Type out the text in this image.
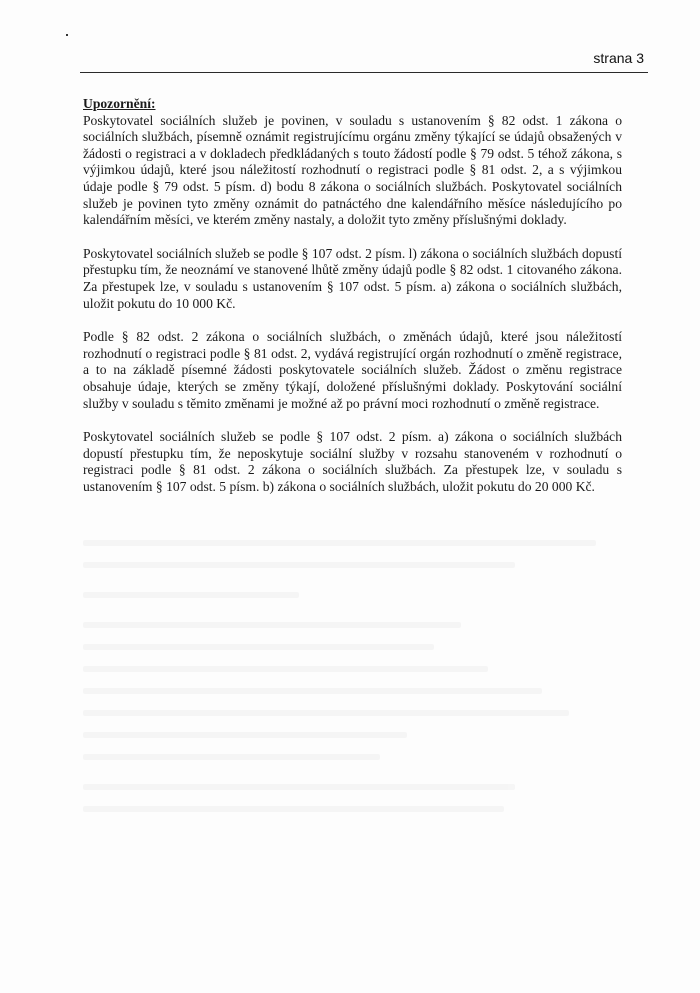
strana 3

Upozornění:

Poskytovatel sociálních služeb je povinen, v souladu s ustanovením § 82 odst. 1 zákona o sociálních službách, písemně oznámit registrujícímu orgánu změny týkající se údajů obsažených v žádosti o registraci a v dokladech předkládaných s touto žádostí podle § 79 odst. 5 téhož zákona, s výjimkou údajů, které jsou náležitostí rozhodnutí o registraci podle § 81 odst. 2, a s výjimkou údaje podle § 79 odst. 5 písm. d) bodu 8 zákona o sociálních službách. Poskytovatel sociálních služeb je povinen tyto změny oznámit do patnáctého dne kalendářního měsíce následujícího po kalendářním měsíci, ve kterém změny nastaly, a doložit tyto změny příslušnými doklady.

Poskytovatel sociálních služeb se podle § 107 odst. 2 písm. l) zákona o sociálních službách dopustí přestupku tím, že neoznámí ve stanovené lhůtě změny údajů podle § 82 odst. 1 citovaného zákona. Za přestupek lze, v souladu s ustanovením § 107 odst. 5 písm. a) zákona o sociálních službách, uložit pokutu do 10 000 Kč.

Podle § 82 odst. 2 zákona o sociálních službách, o změnách údajů, které jsou náležitostí rozhodnutí o registraci podle § 81 odst. 2, vydává registrující orgán rozhodnutí o změně registrace, a to na základě písemné žádosti poskytovatele sociálních služeb. Žádost o změnu registrace obsahuje údaje, kterých se změny týkají, doložené příslušnými doklady. Poskytování sociální služby v souladu s těmito změnami je možné až po právní moci rozhodnutí o změně registrace.

Poskytovatel sociálních služeb se podle § 107 odst. 2 písm. a) zákona o sociálních službách dopustí přestupku tím, že neposkytuje sociální služby v rozsahu stanoveném v rozhodnutí o registraci podle § 81 odst. 2 zákona o sociálních službách. Za přestupek lze, v souladu s ustanovením § 107 odst. 5 písm. b) zákona o sociálních službách, uložit pokutu do 20 000 Kč.
